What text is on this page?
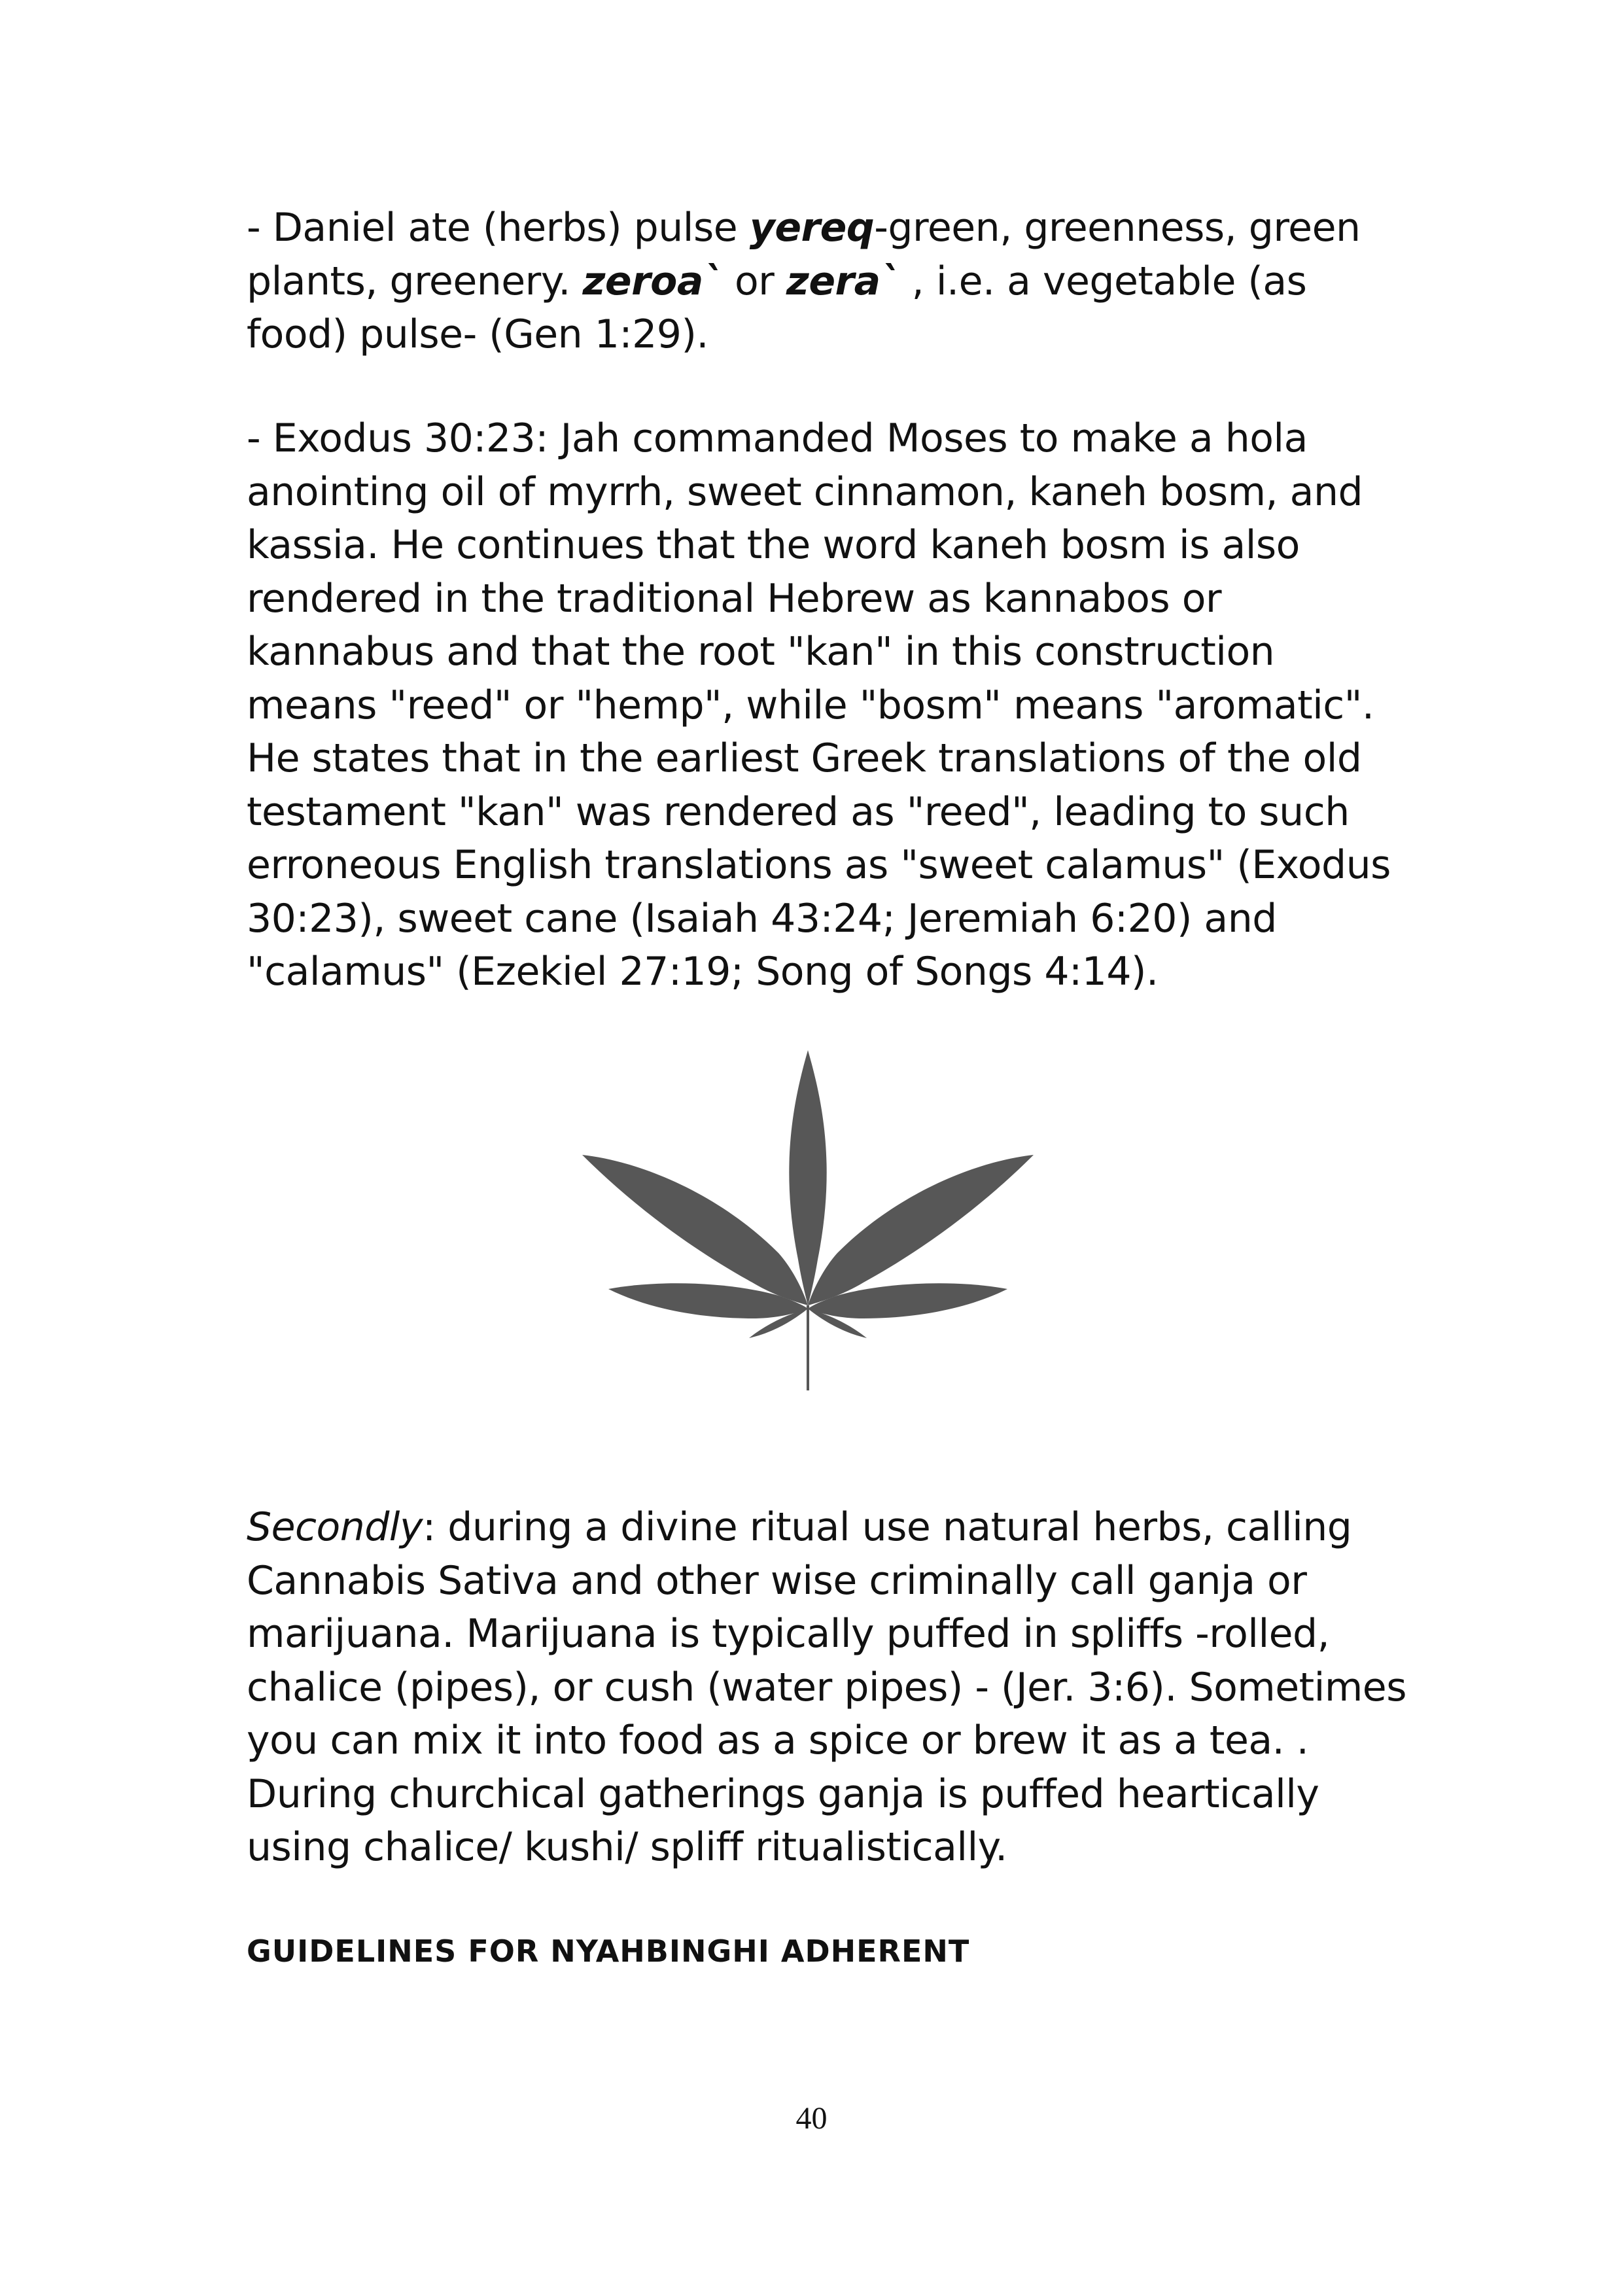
- Daniel ate (herbs) pulse yereq-green, greenness, green plants, greenery. zeroa` or zera` , i.e. a vegetable (as food) pulse- (Gen 1:29).

- Exodus 30:23: Jah commanded Moses to make a hola anointing oil of myrrh, sweet cinnamon, kaneh bosm, and kassia. He continues that the word kaneh bosm is also rendered in the traditional Hebrew as kannabos or kannabus and that the root "kan" in this construction means "reed" or "hemp", while "bosm" means "aromatic". He states that in the earliest Greek translations of the old testament "kan" was rendered as "reed", leading to such erroneous English translations as "sweet calamus" (Exodus 30:23), sweet cane (Isaiah 43:24; Jeremiah 6:20) and "calamus" (Ezekiel 27:19; Song of Songs 4:14).

Secondly: during a divine ritual use natural herbs, calling Cannabis Sativa and other wise criminally call ganja or marijuana. Marijuana is typically puffed in spliffs -rolled, chalice (pipes), or cush (water pipes) - (Jer. 3:6). Sometimes you can mix it into food as a spice or brew it as a tea. . During churchical gatherings ganja is puffed heartically using chalice/ kushi/ spliff ritualistically.

GUIDELINES FOR NYAHBINGHI ADHERENT
40
